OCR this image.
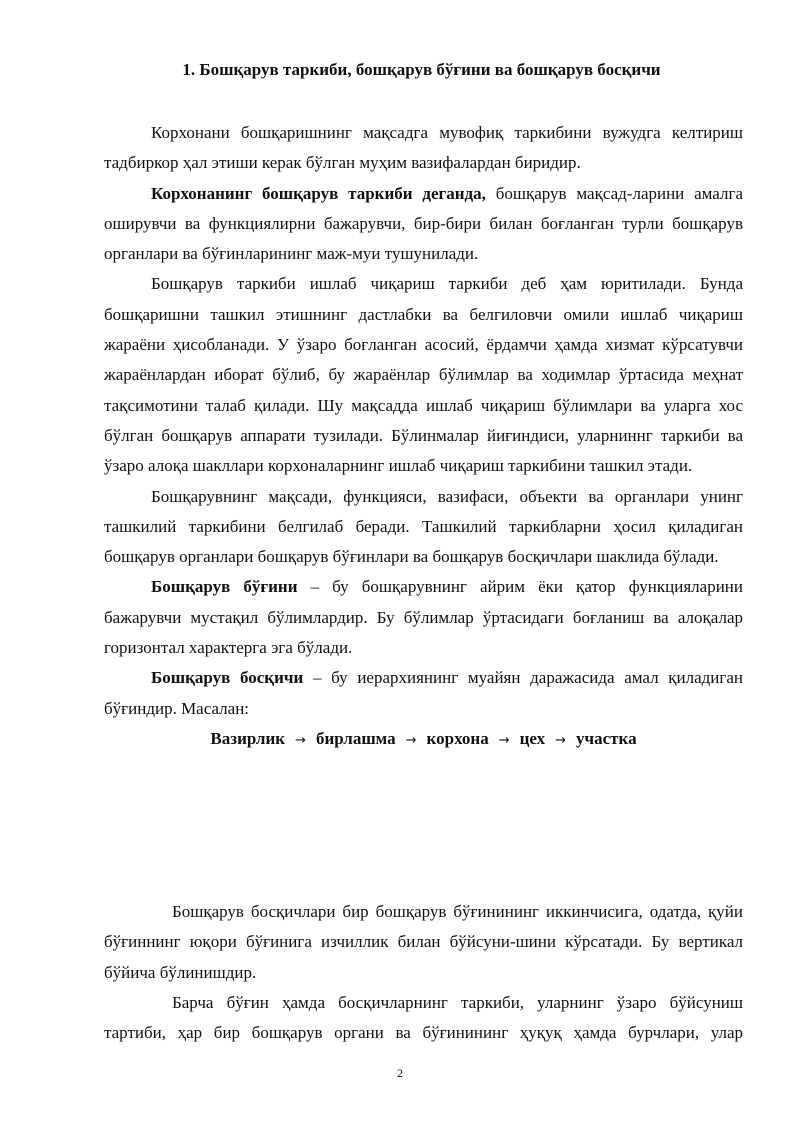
1. Бошқарув таркиби, бошқарув бўғини ва бошқарув босқичи

Корхонани бошқаришнинг мақсадга мувофиқ таркибини вужудга келтириш тадбиркор ҳал этиши керак бўлган муҳим вазифалардан биридир.

Корхонанинг бошқарув таркиби деганда, бошқарув мақсад-ларини амалга оширувчи ва функциялирни бажарувчи, бир-бири билан боғланган турли бошқарув органлари ва бўғинларининг маж-муи тушунилади.

Бошқарув таркиби ишлаб чиқариш таркиби деб ҳам юритилади. Бунда бошқаришни ташкил этишнинг дастлабки ва белгиловчи омили ишлаб чиқариш жараёни ҳисобланади. У ўзаро боғланган асосий, ёрдамчи ҳамда хизмат кўрсатувчи жараёнлардан иборат бўлиб, бу жараёнлар бўлимлар ва ходимлар ўртасида меҳнат тақсимотини талаб қилади. Шу мақсадда ишлаб чиқариш бўлимлари ва уларга хос бўлган бошқарув аппарати тузилади. Бўлинмалар йиғиндиси, уларниннг таркиби ва ўзаро алоқа шакллари корхоналарнинг ишлаб чиқариш таркибини ташкил этади.

Бошқарувнинг мақсади, функцияси, вазифаси, объекти ва органлари унинг ташкилий таркибини белгилаб беради. Ташкилий таркибларни ҳосил қиладиган бошқарув органлари бошқарув бўғинлари ва бошқарув босқичлари шаклида бўлади.

Бошқарув бўғини – бу бошқарувнинг айрим ёки қатор функцияларини бажарувчи мустақил бўлимлардир. Бу бўлимлар ўртасидаги боғланиш ва алоқалар горизонтал характерга эга бўлади.

Бошқарув босқичи – бу иерархиянинг муайян даражасида амал қиладиган бўғиндир. Масалан:

Вазирлик → бирлашма → корхона → цех → участка

Бошқарув босқичлари бир бошқарув бўғинининг иккинчисига, одатда, қуйи бўғиннинг юқори бўғинига изчиллик билан бўйсуни-шини кўрсатади. Бу вертикал бўйича бўлинишдир.

Барча бўғин ҳамда босқичларнинг таркиби, уларнинг ўзаро бўйсуниш тартиби, ҳар бир бошқарув органи ва бўғинининг ҳуқуқ ҳамда бурчлари, улар

2
